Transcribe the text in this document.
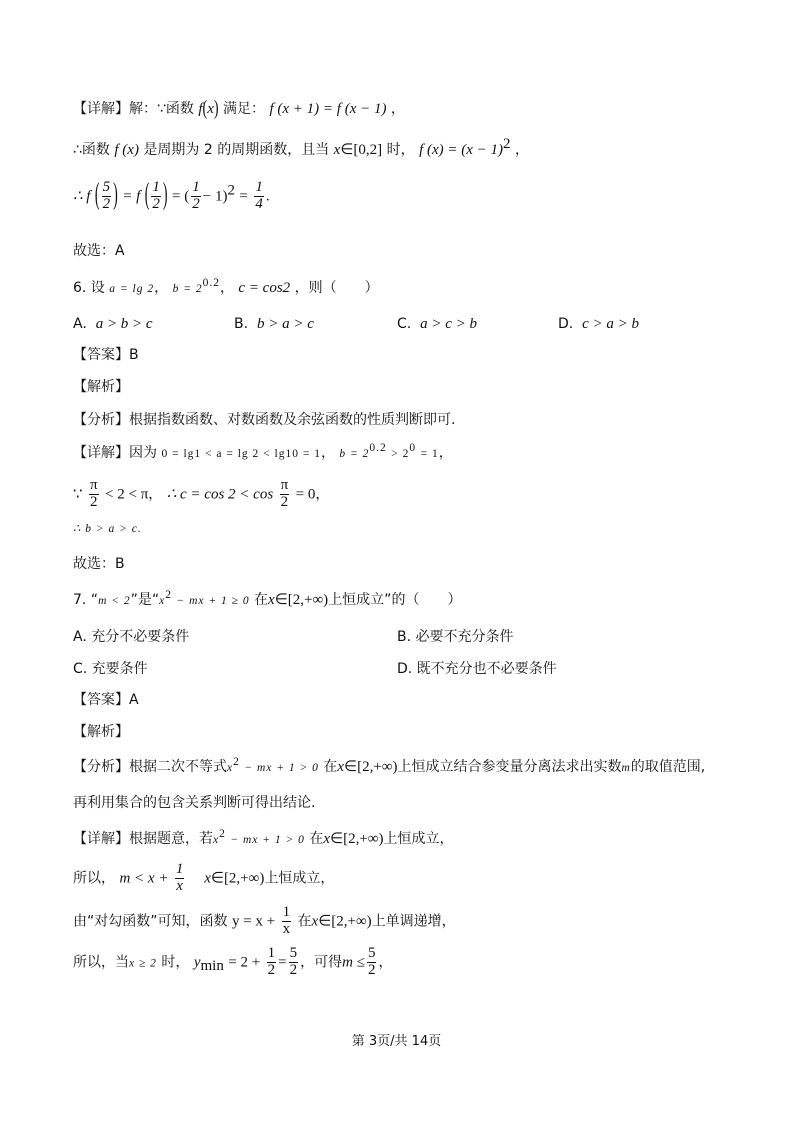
【详解】解：∵函数 f(x) 满足： f (x + 1) = f (x − 1) ，
∴函数 f (x) 是周期为 2 的周期函数，且当 x∈[0,2] 时， f $(x) = (x - 1)^2$ ，
∴ f ( $\frac{5}{2}$ ) = f ( $\frac{1}{2}$ ) = ( $\frac{1}{2} - 1)^2 = \frac{1}{4}$ .
故选：A
6. 设 a = lg 2， $b = 2^{0.2}$， c = cos2 ，则（　　）
A. a > b > c	B. b > a > c	C. a > c > b	D. c > a > b
【答案】B
【解析】
【分析】根据指数函数、对数函数及余弦函数的性质判断即可.
【详解】因为 0 = lg1 < a = lg 2 < lg10 = 1， $b = 2^{0.2} > 2^0 = 1$，
∵ $\frac{\pi}{2} < 2 < \pi$， ∴ $c = \cos 2 < \cos \frac{\pi}{2} = 0$，
∴ b > a > c.
故选：B
7. “m < 2”是“$x^2$ − mx + 1 ≥ 0 在x∈[2,+∞)上恒成立”的（　　）
A. 充分不必要条件	B. 必要不充分条件
C. 充要条件	D. 既不充分也不必要条件
【答案】A
【解析】
【分析】根据二次不等式$x^2$ − mx + 1 > 0 在x∈[2,+∞)上恒成立结合参变量分离法求出实数m的取值范围,
再利用集合的包含关系判断可得出结论.
【详解】根据题意，若$x^2$ − mx + 1 > 0 在x∈[2,+∞)上恒成立，
所以， $m < x + \frac{1}{x}$ x∈[2,+∞)上恒成立，
由“对勾函数”可知，函数 $y = x + \frac{1}{x}$ 在x∈[2,+∞)上单调递增，
所以，当x ≥ 2 时， $y_{min} = 2 + \frac{1}{2} = \frac{5}{2}$ ，可得$m \le \frac{5}{2}$ ，
第 3页/共 14页
